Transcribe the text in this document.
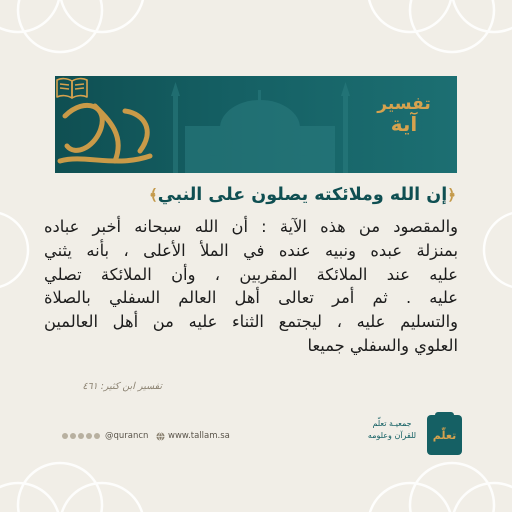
تفسير
آية
﴿إن الله وملائكته يصلون على النبي﴾
والمقصود من هذه الآية : أن الله سبحانه أخبر عباده
بمنزلة عبده ونبيه عنده في الملأ الأعلى ، بأنه يثني
عليه عند الملائكة المقربين ، وأن الملائكة تصلي
عليه . ثم أمر تعالى أهل العالم السفلي بالصلاة
والتسليم عليه ، ليجتمع الثناء عليه من أهل العالمين
العلوي والسفلي جميعا
تفسير ابن كثير: ٤٦١
@qurancn www.tallam.sa
جمعيـة تعلّم
للقرآن وعلومه	تعلّم
